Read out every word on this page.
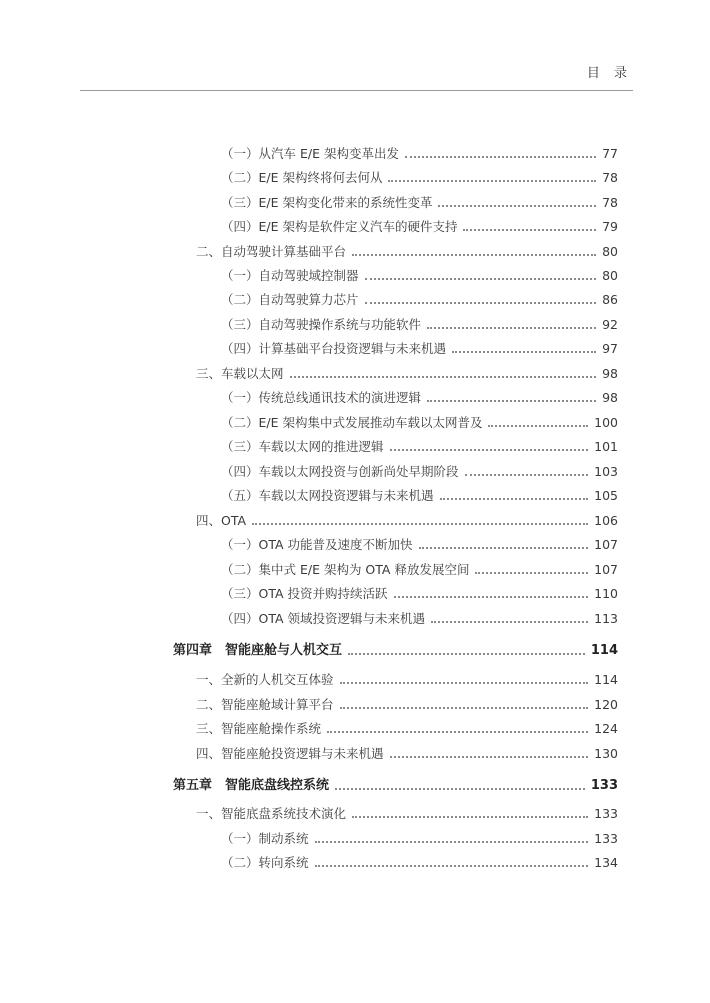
目 录
（一）从汽车 E/E 架构变革出发	77
（二）E/E 架构终将何去何从	78
（三）E/E 架构变化带来的系统性变革	78
（四）E/E 架构是软件定义汽车的硬件支持	79
二、自动驾驶计算基础平台	80
（一）自动驾驶域控制器	80
（二）自动驾驶算力芯片	86
（三）自动驾驶操作系统与功能软件	92
（四）计算基础平台投资逻辑与未来机遇	97
三、车载以太网	98
（一）传统总线通讯技术的演进逻辑	98
（二）E/E 架构集中式发展推动车载以太网普及	100
（三）车载以太网的推进逻辑	101
（四）车载以太网投资与创新尚处早期阶段	103
（五）车载以太网投资逻辑与未来机遇	105
四、OTA	106
（一）OTA 功能普及速度不断加快	107
（二）集中式 E/E 架构为 OTA 释放发展空间	107
（三）OTA 投资并购持续活跃	110
（四）OTA 领域投资逻辑与未来机遇	113
第四章　智能座舱与人机交互	114
一、全新的人机交互体验	114
二、智能座舱域计算平台	120
三、智能座舱操作系统	124
四、智能座舱投资逻辑与未来机遇	130
第五章　智能底盘线控系统	133
一、智能底盘系统技术演化	133
（一）制动系统	133
（二）转向系统	134
